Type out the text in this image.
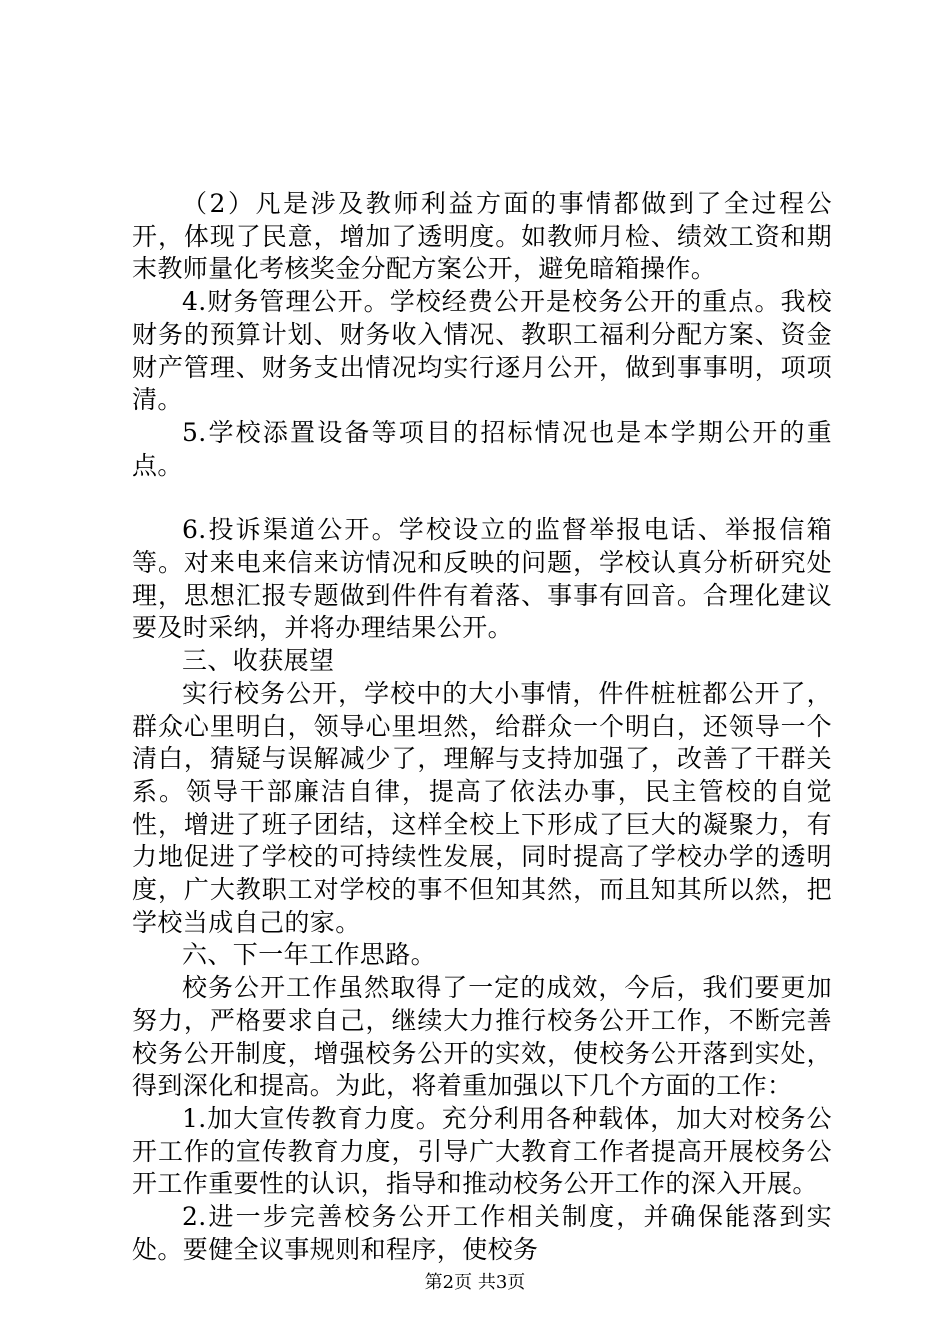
（2）凡是涉及教师利益方面的事情都做到了全过程公开，体现了民意，增加了透明度。如教师月检、绩效工资和期末教师量化考核奖金分配方案公开，避免暗箱操作。

4.财务管理公开。学校经费公开是校务公开的重点。我校财务的预算计划、财务收入情况、教职工福利分配方案、资金财产管理、财务支出情况均实行逐月公开，做到事事明，项项清。

5.学校添置设备等项目的招标情况也是本学期公开的重点。

6.投诉渠道公开。学校设立的监督举报电话、举报信箱等。对来电来信来访情况和反映的问题，学校认真分析研究处理，思想汇报专题做到件件有着落、事事有回音。合理化建议要及时采纳，并将办理结果公开。

三、收获展望

实行校务公开，学校中的大小事情，件件桩桩都公开了，群众心里明白，领导心里坦然，给群众一个明白，还领导一个清白，猜疑与误解减少了，理解与支持加强了，改善了干群关系。领导干部廉洁自律，提高了依法办事，民主管校的自觉性，增进了班子团结，这样全校上下形成了巨大的凝聚力，有力地促进了学校的可持续性发展，同时提高了学校办学的透明度，广大教职工对学校的事不但知其然，而且知其所以然，把学校当成自己的家。

六、下一年工作思路。

校务公开工作虽然取得了一定的成效，今后，我们要更加努力，严格要求自己，继续大力推行校务公开工作，不断完善校务公开制度，增强校务公开的实效，使校务公开落到实处，得到深化和提高。为此，将着重加强以下几个方面的工作：

1.加大宣传教育力度。充分利用各种载体，加大对校务公开工作的宣传教育力度，引导广大教育工作者提高开展校务公开工作重要性的认识，指导和推动校务公开工作的深入开展。

2.进一步完善校务公开工作相关制度，并确保能落到实处。要健全议事规则和程序，使校务

第2页 共3页
